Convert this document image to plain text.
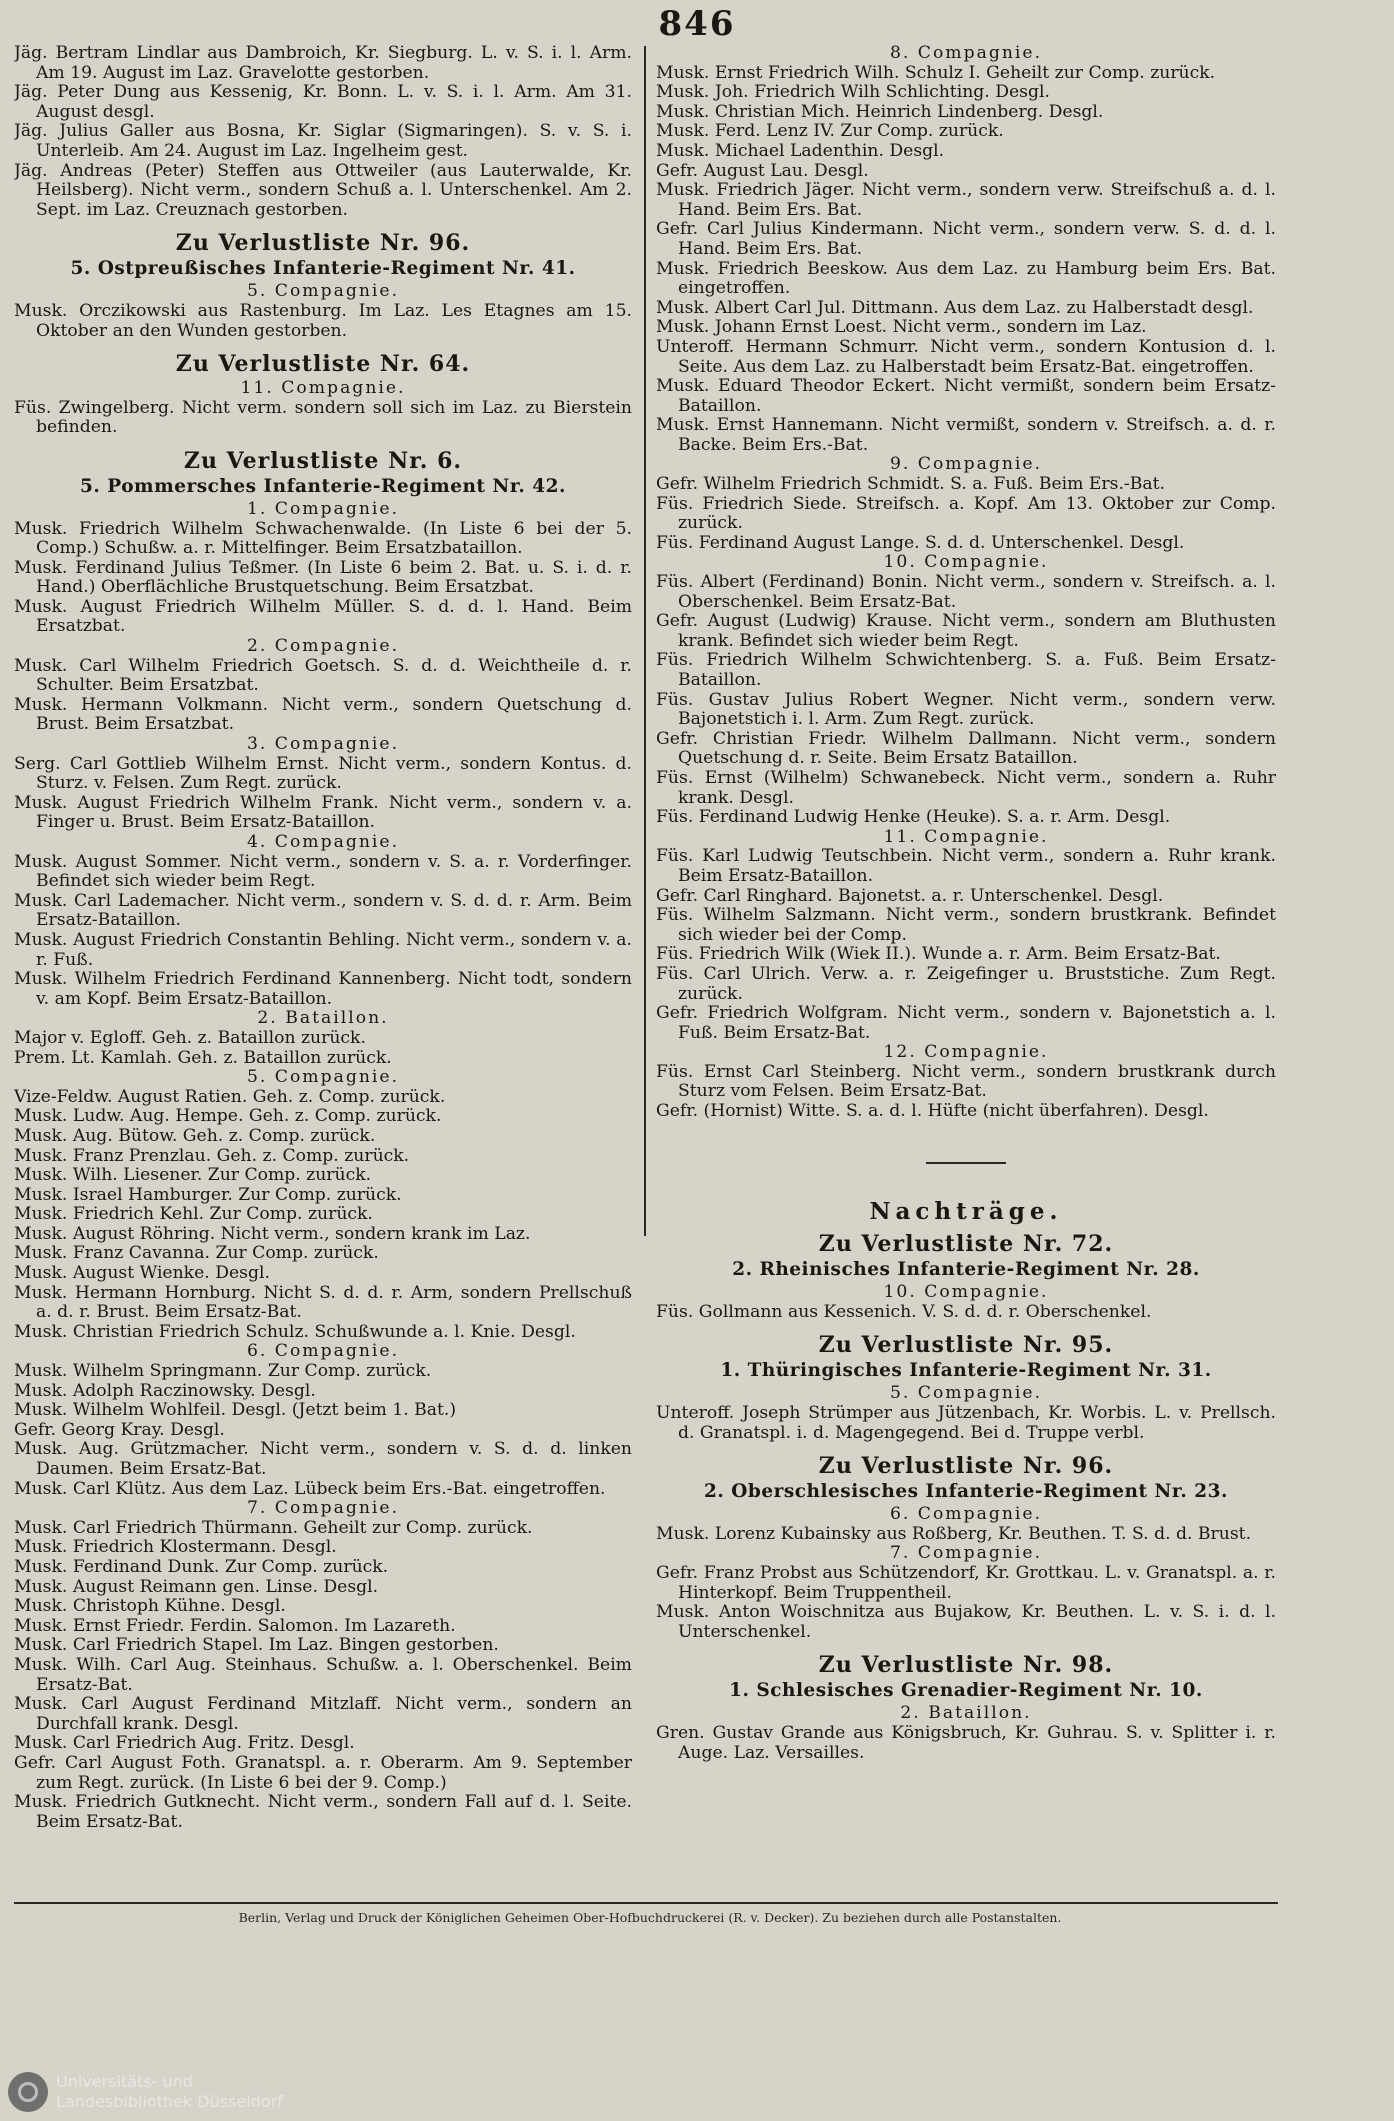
846

Jäg. Bertram Lindlar aus Dambroich, Kr. Siegburg. L. v. S. i. l. Arm. Am 19. August im Laz. Gravelotte gestorben.

Jäg. Peter Dung aus Kessenig, Kr. Bonn. L. v. S. i. l. Arm. Am 31. August desgl.

Jäg. Julius Galler aus Bosna, Kr. Siglar (Sigmaringen). S. v. S. i. Unterleib. Am 24. August im Laz. Ingelheim gest.

Jäg. Andreas (Peter) Steffen aus Ottweiler (aus Lauterwalde, Kr. Heilsberg). Nicht verm., sondern Schuß a. l. Unterschenkel. Am 2. Sept. im Laz. Creuznach gestorben.

Zu Verlustliste Nr. 96.

5. Ostpreußisches Infanterie-Regiment Nr. 41.

5. Compagnie.

Musk. Orczikowski aus Rastenburg. Im Laz. Les Etagnes am 15. Oktober an den Wunden gestorben.

Zu Verlustliste Nr. 64.

11. Compagnie.

Füs. Zwingelberg. Nicht verm. sondern soll sich im Laz. zu Bierstein befinden.

Zu Verlustliste Nr. 6.

5. Pommersches Infanterie-Regiment Nr. 42.

1. Compagnie.

Musk. Friedrich Wilhelm Schwachenwalde. (In Liste 6 bei der 5. Comp.) Schußw. a. r. Mittelfinger. Beim Ersatzbataillon.

Musk. Ferdinand Julius Teßmer. (In Liste 6 beim 2. Bat. u. S. i. d. r. Hand.) Oberflächliche Brustquetschung. Beim Ersatzbat.

Musk. August Friedrich Wilhelm Müller. S. d. d. l. Hand. Beim Ersatzbat.

2. Compagnie.

Musk. Carl Wilhelm Friedrich Goetsch. S. d. d. Weichtheile d. r. Schulter. Beim Ersatzbat.

Musk. Hermann Volkmann. Nicht verm., sondern Quetschung d. Brust. Beim Ersatzbat.

3. Compagnie.

Serg. Carl Gottlieb Wilhelm Ernst. Nicht verm., sondern Kontus. d. Sturz. v. Felsen. Zum Regt. zurück.

Musk. August Friedrich Wilhelm Frank. Nicht verm., sondern v. a. Finger u. Brust. Beim Ersatz-Bataillon.

4. Compagnie.

Musk. August Sommer. Nicht verm., sondern v. S. a. r. Vorderfinger. Befindet sich wieder beim Regt.

Musk. Carl Lademacher. Nicht verm., sondern v. S. d. d. r. Arm. Beim Ersatz-Bataillon.

Musk. August Friedrich Constantin Behling. Nicht verm., sondern v. a. r. Fuß.

Musk. Wilhelm Friedrich Ferdinand Kannenberg. Nicht todt, sondern v. am Kopf. Beim Ersatz-Bataillon.

2. Bataillon.

Major v. Egloff. Geh. z. Bataillon zurück.

Prem. Lt. Kamlah. Geh. z. Bataillon zurück.

5. Compagnie.

Vize-Feldw. August Ratien. Geh. z. Comp. zurück.

Musk. Ludw. Aug. Hempe. Geh. z. Comp. zurück.

Musk. Aug. Bütow. Geh. z. Comp. zurück.

Musk. Franz Prenzlau. Geh. z. Comp. zurück.

Musk. Wilh. Liesener. Zur Comp. zurück.

Musk. Israel Hamburger. Zur Comp. zurück.

Musk. Friedrich Kehl. Zur Comp. zurück.

Musk. August Röhring. Nicht verm., sondern krank im Laz.

Musk. Franz Cavanna. Zur Comp. zurück.

Musk. August Wienke. Desgl.

Musk. Hermann Hornburg. Nicht S. d. d. r. Arm, sondern Prellschuß a. d. r. Brust. Beim Ersatz-Bat.

Musk. Christian Friedrich Schulz. Schußwunde a. l. Knie. Desgl.

6. Compagnie.

Musk. Wilhelm Springmann. Zur Comp. zurück.

Musk. Adolph Raczinowsky. Desgl.

Musk. Wilhelm Wohlfeil. Desgl. (Jetzt beim 1. Bat.)

Gefr. Georg Kray. Desgl.

Musk. Aug. Grützmacher. Nicht verm., sondern v. S. d. d. linken Daumen. Beim Ersatz-Bat.

Musk. Carl Klütz. Aus dem Laz. Lübeck beim Ers.-Bat. eingetroffen.

7. Compagnie.

Musk. Carl Friedrich Thürmann. Geheilt zur Comp. zurück.

Musk. Friedrich Klostermann. Desgl.

Musk. Ferdinand Dunk. Zur Comp. zurück.

Musk. August Reimann gen. Linse. Desgl.

Musk. Christoph Kühne. Desgl.

Musk. Ernst Friedr. Ferdin. Salomon. Im Lazareth.

Musk. Carl Friedrich Stapel. Im Laz. Bingen gestorben.

Musk. Wilh. Carl Aug. Steinhaus. Schußw. a. l. Oberschenkel. Beim Ersatz-Bat.

Musk. Carl August Ferdinand Mitzlaff. Nicht verm., sondern an Durchfall krank. Desgl.

Musk. Carl Friedrich Aug. Fritz. Desgl.

Gefr. Carl August Foth. Granatspl. a. r. Oberarm. Am 9. September zum Regt. zurück. (In Liste 6 bei der 9. Comp.)

Musk. Friedrich Gutknecht. Nicht verm., sondern Fall auf d. l. Seite. Beim Ersatz-Bat.

8. Compagnie.

Musk. Ernst Friedrich Wilh. Schulz I. Geheilt zur Comp. zurück.

Musk. Joh. Friedrich Wilh Schlichting. Desgl.

Musk. Christian Mich. Heinrich Lindenberg. Desgl.

Musk. Ferd. Lenz IV. Zur Comp. zurück.

Musk. Michael Ladenthin. Desgl.

Gefr. August Lau. Desgl.

Musk. Friedrich Jäger. Nicht verm., sondern verw. Streifschuß a. d. l. Hand. Beim Ers. Bat.

Gefr. Carl Julius Kindermann. Nicht verm., sondern verw. S. d. d. l. Hand. Beim Ers. Bat.

Musk. Friedrich Beeskow. Aus dem Laz. zu Hamburg beim Ers. Bat. eingetroffen.

Musk. Albert Carl Jul. Dittmann. Aus dem Laz. zu Halberstadt desgl.

Musk. Johann Ernst Loest. Nicht verm., sondern im Laz.

Unteroff. Hermann Schmurr. Nicht verm., sondern Kontusion d. l. Seite. Aus dem Laz. zu Halberstadt beim Ersatz-Bat. eingetroffen.

Musk. Eduard Theodor Eckert. Nicht vermißt, sondern beim Ersatz-Bataillon.

Musk. Ernst Hannemann. Nicht vermißt, sondern v. Streifsch. a. d. r. Backe. Beim Ers.-Bat.

9. Compagnie.

Gefr. Wilhelm Friedrich Schmidt. S. a. Fuß. Beim Ers.-Bat.

Füs. Friedrich Siede. Streifsch. a. Kopf. Am 13. Oktober zur Comp. zurück.

Füs. Ferdinand August Lange. S. d. d. Unterschenkel. Desgl.

10. Compagnie.

Füs. Albert (Ferdinand) Bonin. Nicht verm., sondern v. Streifsch. a. l. Oberschenkel. Beim Ersatz-Bat.

Gefr. August (Ludwig) Krause. Nicht verm., sondern am Bluthusten krank. Befindet sich wieder beim Regt.

Füs. Friedrich Wilhelm Schwichtenberg. S. a. Fuß. Beim Ersatz-Bataillon.

Füs. Gustav Julius Robert Wegner. Nicht verm., sondern verw. Bajonetstich i. l. Arm. Zum Regt. zurück.

Gefr. Christian Friedr. Wilhelm Dallmann. Nicht verm., sondern Quetschung d. r. Seite. Beim Ersatz Bataillon.

Füs. Ernst (Wilhelm) Schwanebeck. Nicht verm., sondern a. Ruhr krank. Desgl.

Füs. Ferdinand Ludwig Henke (Heuke). S. a. r. Arm. Desgl.

11. Compagnie.

Füs. Karl Ludwig Teutschbein. Nicht verm., sondern a. Ruhr krank. Beim Ersatz-Bataillon.

Gefr. Carl Ringhard. Bajonetst. a. r. Unterschenkel. Desgl.

Füs. Wilhelm Salzmann. Nicht verm., sondern brustkrank. Befindet sich wieder bei der Comp.

Füs. Friedrich Wilk (Wiek II.). Wunde a. r. Arm. Beim Ersatz-Bat.

Füs. Carl Ulrich. Verw. a. r. Zeigefinger u. Bruststiche. Zum Regt. zurück.

Gefr. Friedrich Wolfgram. Nicht verm., sondern v. Bajonetstich a. l. Fuß. Beim Ersatz-Bat.

12. Compagnie.

Füs. Ernst Carl Steinberg. Nicht verm., sondern brustkrank durch Sturz vom Felsen. Beim Ersatz-Bat.

Gefr. (Hornist) Witte. S. a. d. l. Hüfte (nicht überfahren). Desgl.

Nachträge.

Zu Verlustliste Nr. 72.

2. Rheinisches Infanterie-Regiment Nr. 28.

10. Compagnie.

Füs. Gollmann aus Kessenich. V. S. d. d. r. Oberschenkel.

Zu Verlustliste Nr. 95.

1. Thüringisches Infanterie-Regiment Nr. 31.

5. Compagnie.

Unteroff. Joseph Strümper aus Jützenbach, Kr. Worbis. L. v. Prellsch. d. Granatspl. i. d. Magengegend. Bei d. Truppe verbl.

Zu Verlustliste Nr. 96.

2. Oberschlesisches Infanterie-Regiment Nr. 23.

6. Compagnie.

Musk. Lorenz Kubainsky aus Roßberg, Kr. Beuthen. T. S. d. d. Brust.

7. Compagnie.

Gefr. Franz Probst aus Schützendorf, Kr. Grottkau. L. v. Granatspl. a. r. Hinterkopf. Beim Truppentheil.

Musk. Anton Woischnitza aus Bujakow, Kr. Beuthen. L. v. S. i. d. l. Unterschenkel.

Zu Verlustliste Nr. 98.

1. Schlesisches Grenadier-Regiment Nr. 10.

2. Bataillon.

Gren. Gustav Grande aus Königsbruch, Kr. Guhrau. S. v. Splitter i. r. Auge. Laz. Versailles.

Berlin, Verlag und Druck der Königlichen Geheimen Ober-Hofbuchdruckerei (R. v. Decker). Zu beziehen durch alle Postanstalten.
Universitäts- und
Landesbibliothek Düsseldorf
